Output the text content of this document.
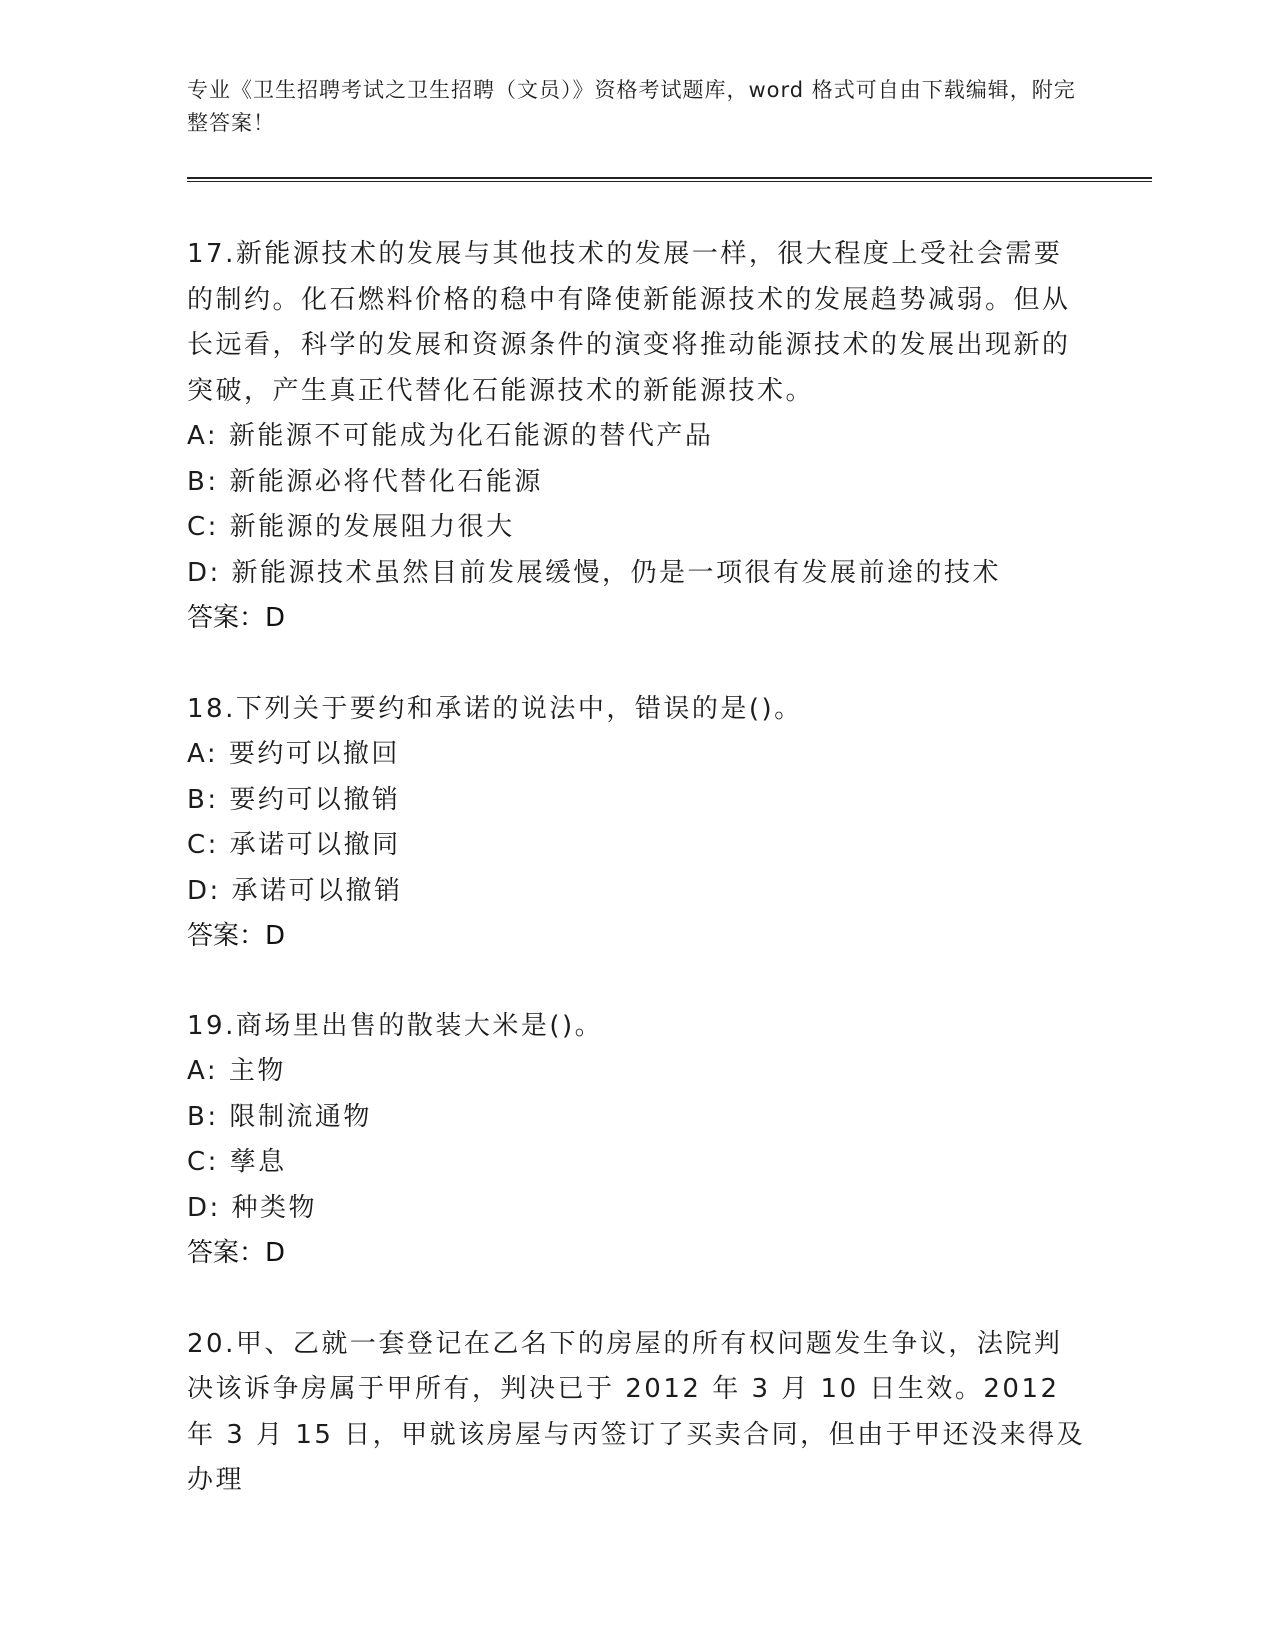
专业《卫生招聘考试之卫生招聘（文员）》资格考试题库，word 格式可自由下载编辑，附完整答案！

17.新能源技术的发展与其他技术的发展一样，很大程度上受社会需要的制约。化石燃料价格的稳中有降使新能源技术的发展趋势减弱。但从长远看，科学的发展和资源条件的演变将推动能源技术的发展出现新的突破，产生真正代替化石能源技术的新能源技术。

A: 新能源不可能成为化石能源的替代产品

B: 新能源必将代替化石能源

C: 新能源的发展阻力很大

D: 新能源技术虽然目前发展缓慢，仍是一项很有发展前途的技术

答案：D

18.下列关于要约和承诺的说法中，错误的是()。

A: 要约可以撤回

B: 要约可以撤销

C: 承诺可以撤同

D: 承诺可以撤销

答案：D

19.商场里出售的散装大米是()。

A: 主物

B: 限制流通物

C: 孳息

D: 种类物

答案：D

20.甲、乙就一套登记在乙名下的房屋的所有权问题发生争议，法院判决该诉争房属于甲所有，判决已于 2012 年 3 月 10 日生效。2012 年 3 月 15 日，甲就该房屋与丙签订了买卖合同，但由于甲还没来得及办理
